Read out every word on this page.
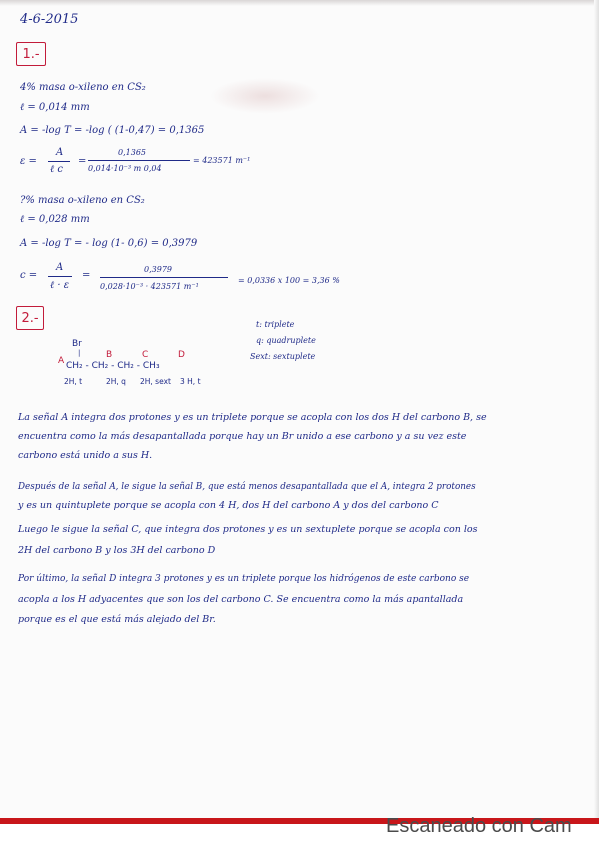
4-6-2015
1.-
4% masa o-xileno en CS₂
ℓ = 0,014 mm
A = -log T = -log ( (1-0,47) = 0,1365
ε =
A
ℓ c
=
0,1365
0,014·10⁻³ m 0,04
= 423571 m⁻¹
?% masa o-xileno en CS₂
ℓ = 0,028 mm
A = -log T = - log (1- 0,6) = 0,3979
c =
A
ℓ · ε
=
0,3979
0,028·10⁻³ · 423571 m⁻¹
= 0,0336 x 100 = 3,36 %
2.-	t: triplete
q: quadruplete
Sext: sextuplete
Br
|
A
B	C	D
CH₂ - CH₂ - CH₂ - CH₃
2H, t	2H, q 2H, sext 3 H, t
La señal A integra dos protones y es un triplete porque se acopla con los dos H del carbono B, se
encuentra como la más desapantallada porque hay un Br unido a ese carbono y a su vez este
carbono está unido a sus H.
Después de la señal A, le sigue la señal B, que está menos desapantallada que el A, integra 2 protones
y es un quintuplete porque se acopla con 4 H, dos H del carbono A y dos del carbono C
Luego le sigue la señal C, que integra dos protones y es un sextuplete porque se acopla con los
2H del carbono B y los 3H del carbono D
Por último, la señal D integra 3 protones y es un triplete porque los hidrógenos de este carbono se
acopla a los H adyacentes que son los del carbono C. Se encuentra como la más apantallada
porque es el que está más alejado del Br.
Escaneado con Cam
